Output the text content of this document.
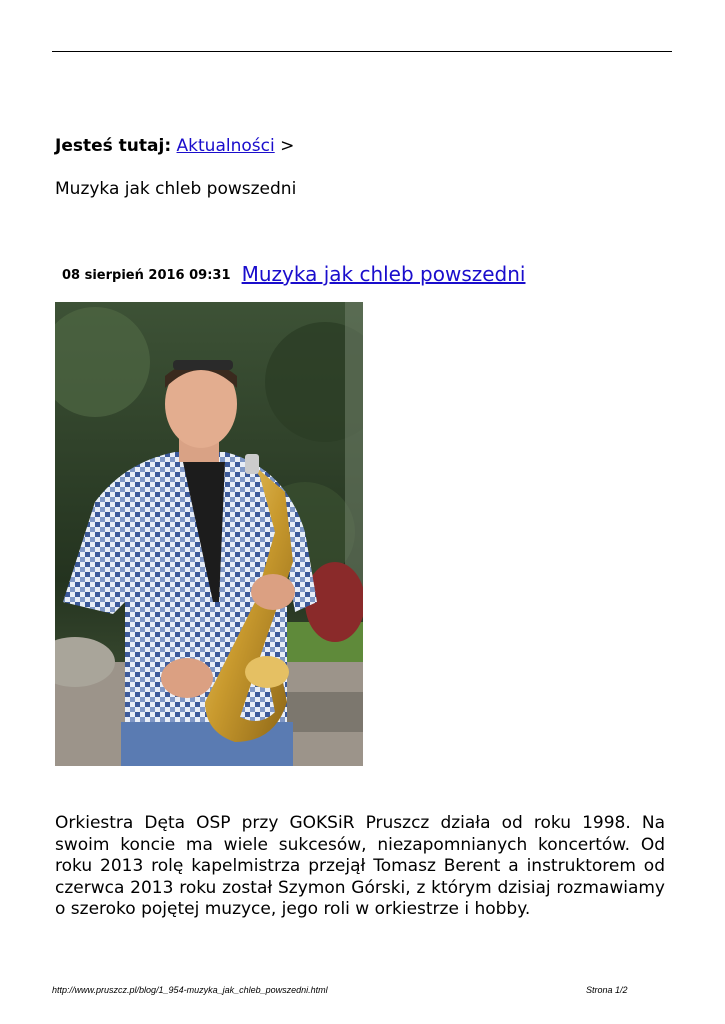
Jesteś tutaj: Aktualności >
Muzyka jak chleb powszedni
08 sierpień 2016 09:31 Muzyka jak chleb powszedni
Orkiestra Dęta OSP przy GOKSiR Pruszcz działa od roku 1998. Na swoim koncie ma wiele sukcesów, niezapomnianych koncertów. Od roku 2013 rolę kapelmistrza przejął Tomasz Berent a instruktorem od czerwca 2013 roku został Szymon Górski, z którym dzisiaj rozmawiamy o szeroko pojętej muzyce, jego roli w orkiestrze i hobby.
http://www.pruszcz.pl/blog/1_954-muzyka_jak_chleb_powszedni.html	Strona 1/2
